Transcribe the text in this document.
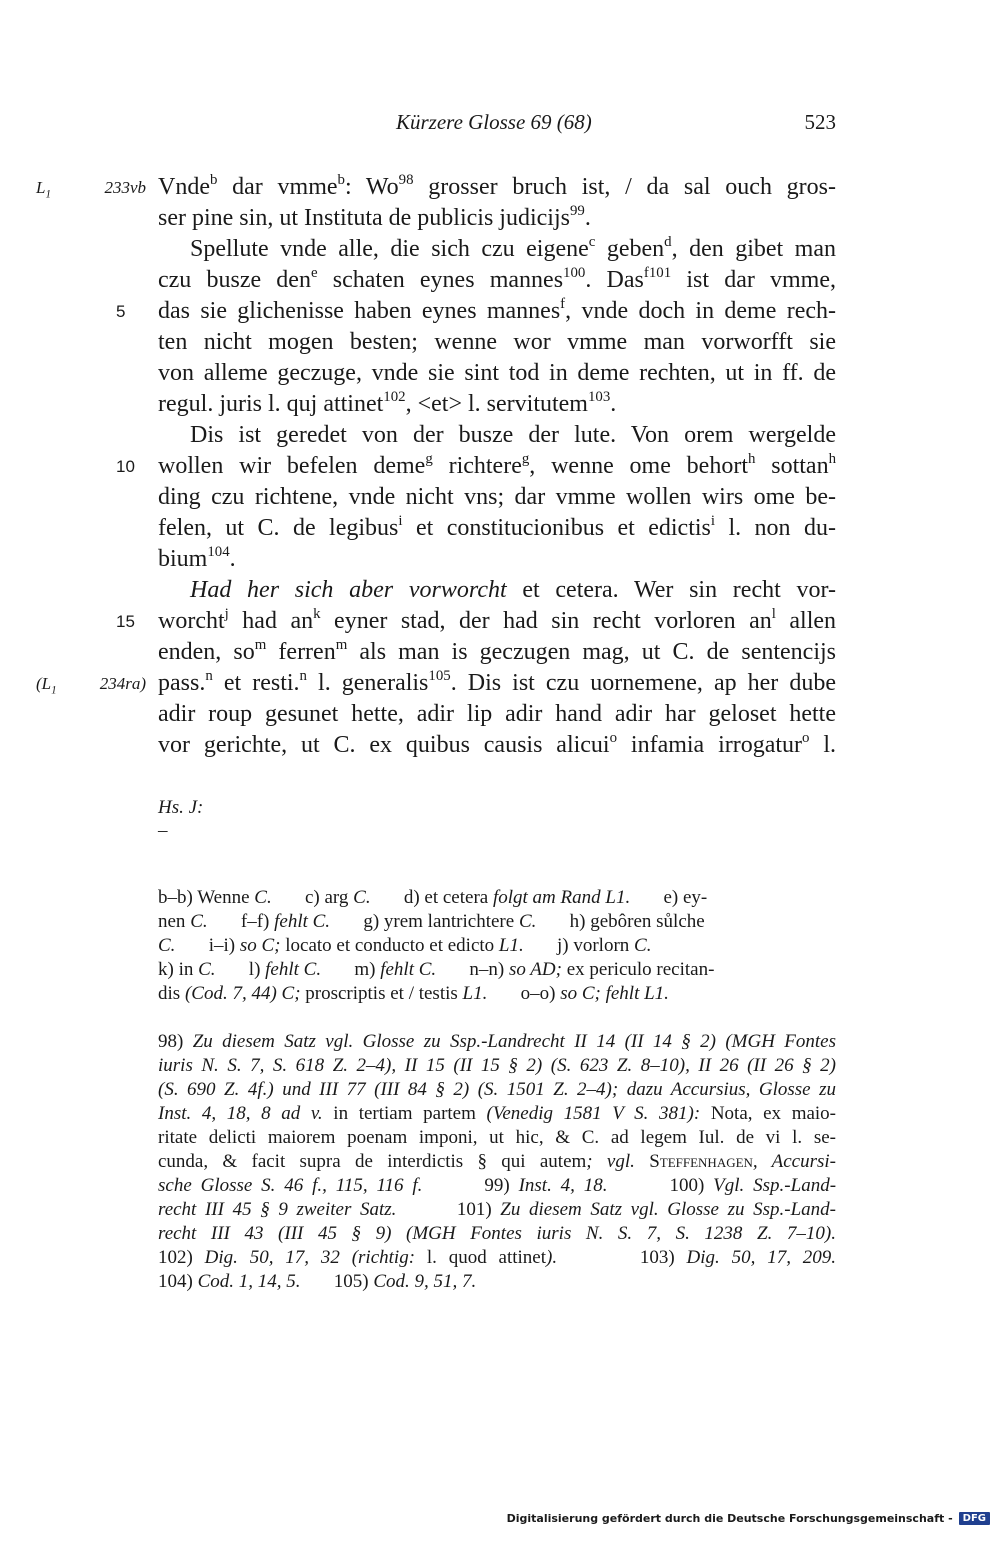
Kürzere Glosse 69 (68)	523
$L_1$ 233vb Vnde$^b$ dar vmme$^b$: Wo$^{98}$ grosser bruch ist, / da sal ouch gros-
ser pine sin, ut Instituta de publicis judicijs$^{99}$.
Spellute vnde alle, die sich czu eigene$^c$ geben$^d$, den gibet man
czu busze den$^e$ schaten eynes mannes$^{100}$. Das$^{f101}$ ist dar vmme,
5	das sie glichenisse haben eynes mannes$^f$, vnde doch in deme rech-
ten nicht mogen besten; wenne wor vmme man vorworfft sie
von alleme geczuge, vnde sie sint tod in deme rechten, ut in ff. de
regul. juris l. quj attinet$^{102}$, <et> l. servitutem$^{103}$.
Dis ist geredet von der busze der lute. Von orem wergelde
10 wollen wir befelen deme$^g$ richtere$^g$, wenne ome behort$^h$ sottan$^h$
ding czu richtene, vnde nicht vns; dar vmme wollen wirs ome be-
felen, ut C. de legibus$^i$ et constitucionibus et edictis$^i$ l. non du-
bium$^{104}$.
Had her sich aber vorworcht et cetera. Wer sin recht vor-
15 worcht$^j$ had $an^k$ eyner stad, der had sin recht vorloren $an^l$ allen
enden, $so^m$ ferren$^m$ als man is geczugen mag, ut C. de sentencijs
($L_1$ 234ra) pass.$^n$ et resti.$^n$ l. generalis$^{105}$. Dis ist czu uornemene, ap her dube
adir roup gesunet hette, adir lip adir hand adir har geloset hette
vor gerichte, ut C. ex quibus causis alicui$^o$ infamia irrogatur$^o$ l.
Hs. J:
–
b–b) Wenne C.       c) arg C.       d) et cetera folgt am Rand L1.       e) ey-
nen C.       f–f) fehlt C.       g) yrem lantrichtere C.       h) gebôren sůlche
C.       i–i) so C; locato et conducto et edicto L1.       j) vorlorn C.
k) in C.       l) fehlt C.       m) fehlt C.       n–n) so AD; ex periculo recitan-
dis (Cod. 7, 44) C; proscriptis et / testis L1.       o–o) so C; fehlt L1.
98) Zu diesem Satz vgl. Glosse zu Ssp.-Landrecht II 14 (II 14 § 2) (MGH Fontes
iuris N. S. 7, S. 618 Z. 2–4), II 15 (II 15 § 2) (S. 623 Z. 8–10), II 26 (II 26 § 2)
(S. 690 Z. 4f.) und III 77 (III 84 § 2) (S. 1501 Z. 2–4); dazu Accursius, Glosse zu
Inst. 4, 18, 8 ad v. in tertiam partem (Venedig 1581 V S. 381): Nota, ex maio-
ritate delicti maiorem poenam imponi, ut hic, & C. ad legem Iul. de vi l. se-
cunda, & facit supra de interdictis § qui autem; vgl. Steffenhagen, Accursi-
sche Glosse S. 46 f., 115, 116 f.       99) Inst. 4, 18.       100) Vgl. Ssp.-Land-
recht III 45 § 9 zweiter Satz.       101) Zu diesem Satz vgl. Glosse zu Ssp.-Land-
recht III 43 (III 45 § 9) (MGH Fontes iuris N. S. 7, S. 1238 Z. 7–10).
102) Dig. 50, 17, 32 (richtig: l. quod attinet).       103) Dig. 50, 17, 209.
104) Cod. 1, 14, 5.       105) Cod. 9, 51, 7.
Digitalisierung gefördert durch die Deutsche Forschungsgemeinschaft -	DFG
